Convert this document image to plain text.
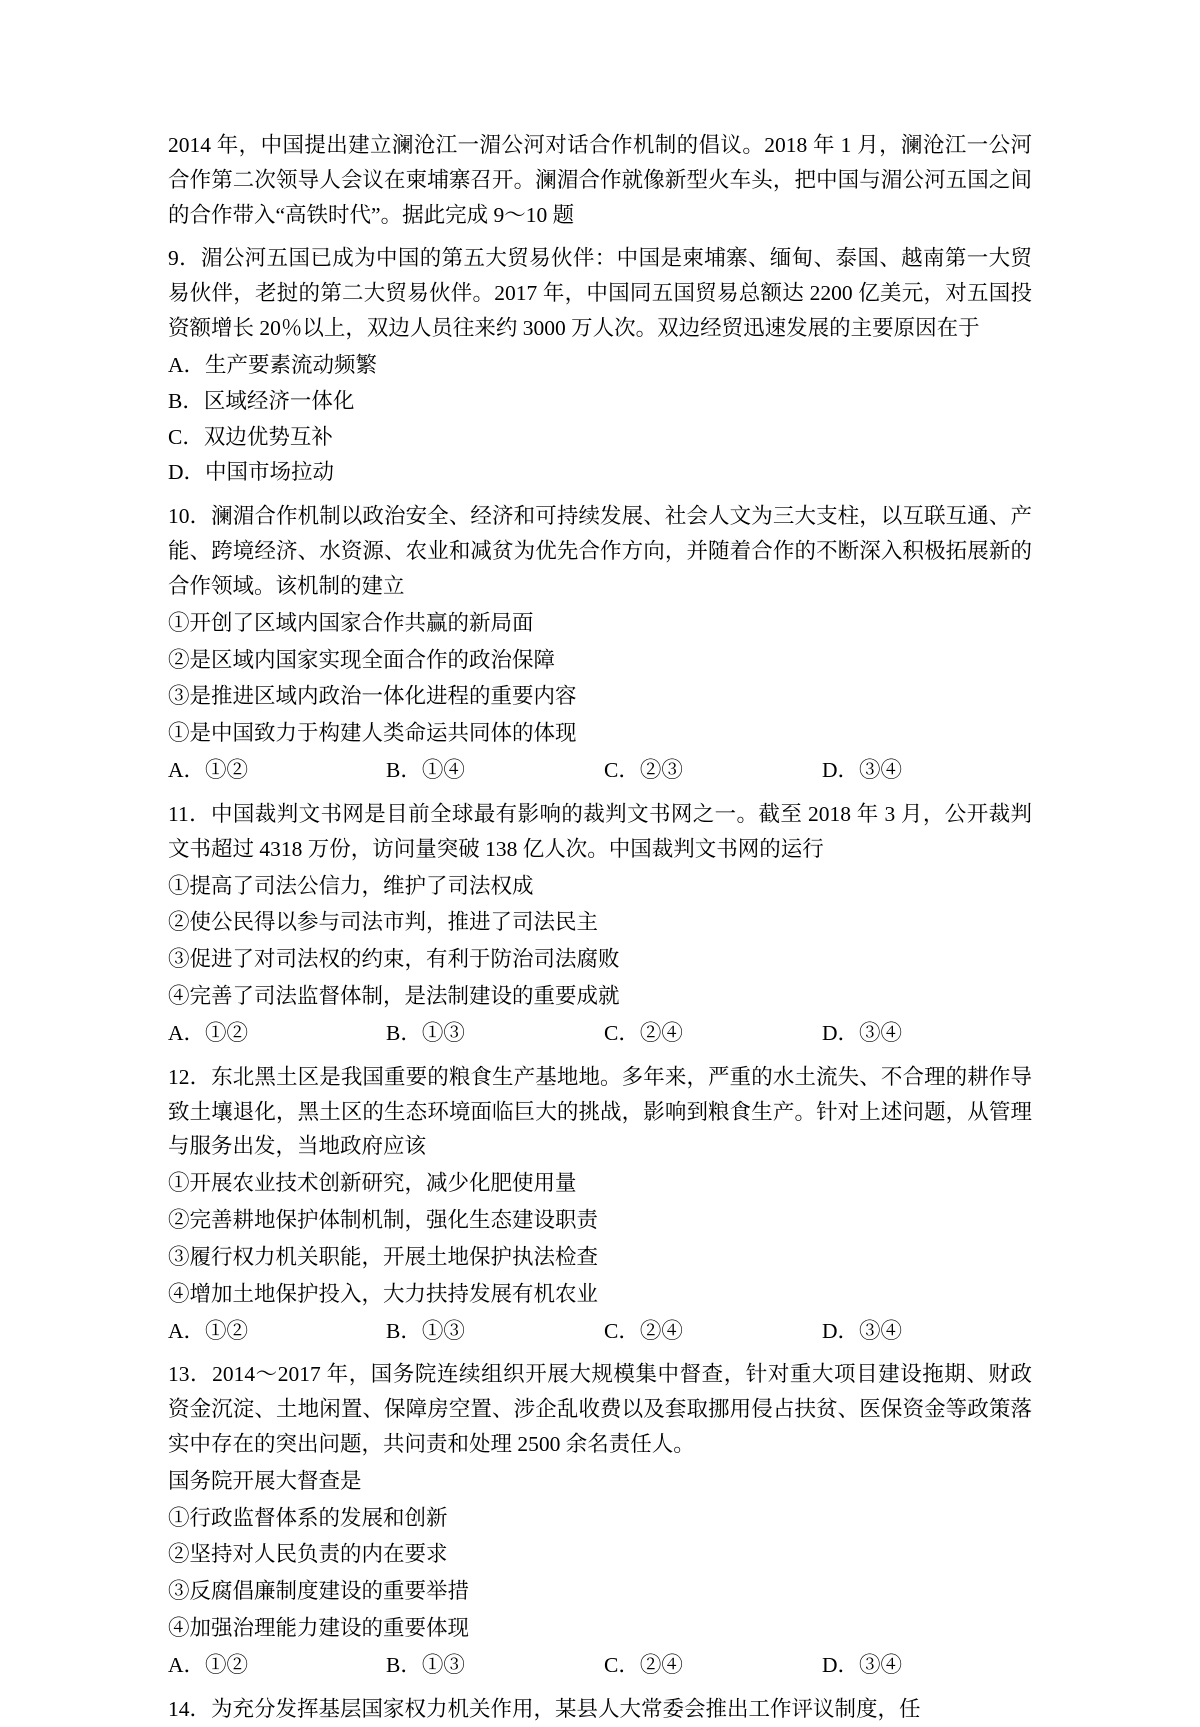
2014 年，中国提出建立澜沧江一湄公河对话合作机制的倡议。2018 年 1 月，澜沧江一公河合作第二次领导人会议在柬埔寨召开。澜湄合作就像新型火车头，把中国与湄公河五国之间的合作带入“高铁时代”。据此完成 9～10 题

9．湄公河五国已成为中国的第五大贸易伙伴：中国是柬埔寨、缅甸、泰国、越南第一大贸易伙伴，老挝的第二大贸易伙伴。2017 年，中国同五国贸易总额达 2200 亿美元，对五国投资额增长 20％以上，双边人员往来约 3000 万人次。双边经贸迅速发展的主要原因在于

A．生产要素流动频繁

B．区域经济一体化

C．双边优势互补

D．中国市场拉动

10．澜湄合作机制以政治安全、经济和可持续发展、社会人文为三大支柱，以互联互通、产能、跨境经济、水资源、农业和减贫为优先合作方向，并随着合作的不断深入积极拓展新的合作领域。该机制的建立

①开创了区域内国家合作共赢的新局面

②是区域内国家实现全面合作的政治保障

③是推进区域内政治一体化进程的重要内容

①是中国致力于构建人类命运共同体的体现

A．①②	B．①④	C．②③	D．③④

11．中国裁判文书网是目前全球最有影响的裁判文书网之一。截至 2018 年 3 月，公开裁判文书超过 4318 万份，访问量突破 138 亿人次。中国裁判文书网的运行

①提高了司法公信力，维护了司法权成

②使公民得以参与司法市判，推进了司法民主

③促进了对司法权的约束，有利于防治司法腐败

④完善了司法监督体制，是法制建设的重要成就

A．①②	B．①③	C．②④	D．③④

12．东北黑土区是我国重要的粮食生产基地地。多年来，严重的水土流失、不合理的耕作导致土壤退化，黑土区的生态环境面临巨大的挑战，影响到粮食生产。针对上述问题，从管理与服务出发，当地政府应该

①开展农业技术创新研究，减少化肥使用量

②完善耕地保护体制机制，强化生态建设职责

③履行权力机关职能，开展土地保护执法检查

④增加土地保护投入，大力扶持发展有机农业

A．①②	B．①③	C．②④	D．③④

13．2014～2017 年，国务院连续组织开展大规模集中督查，针对重大项目建设拖期、财政资金沉淀、土地闲置、保障房空置、涉企乱收费以及套取挪用侵占扶贫、医保资金等政策落实中存在的突出问题，共问责和处理 2500 余名责任人。

国务院开展大督查是

①行政监督体系的发展和创新

②坚持对人民负责的内在要求

③反腐倡廉制度建设的重要举措

④加强治理能力建设的重要体现

A．①②	B．①③	C．②④	D．③④

14．为充分发挥基层国家权力机关作用，某县人大常委会推出工作评议制度，任
